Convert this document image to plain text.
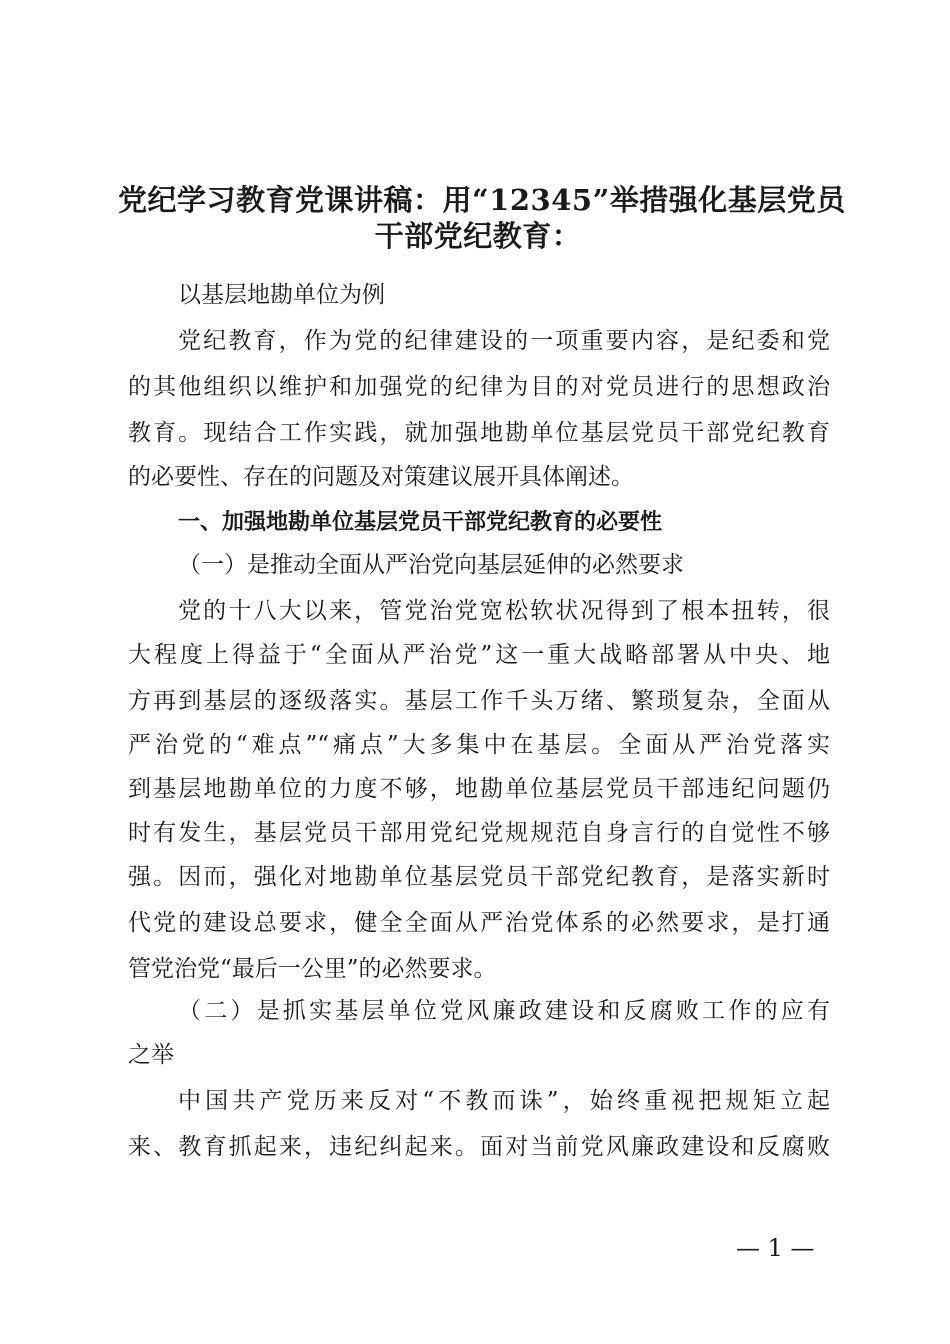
党纪学习教育党课讲稿：用“12345”举措强化基层党员
干部党纪教育：
以基层地勘单位为例
党纪教育，作为党的纪律建设的一项重要内容，是纪委和党
的其他组织以维护和加强党的纪律为目的对党员进行的思想政治
教育。现结合工作实践，就加强地勘单位基层党员干部党纪教育
的必要性、存在的问题及对策建议展开具体阐述。
一、加强地勘单位基层党员干部党纪教育的必要性
（一）是推动全面从严治党向基层延伸的必然要求
党的十八大以来，管党治党宽松软状况得到了根本扭转，很
大程度上得益于“全面从严治党”这一重大战略部署从中央、地
方再到基层的逐级落实。基层工作千头万绪、繁琐复杂，全面从
严治党的“难点”“痛点”大多集中在基层。全面从严治党落实
到基层地勘单位的力度不够，地勘单位基层党员干部违纪问题仍
时有发生，基层党员干部用党纪党规规范自身言行的自觉性不够
强。因而，强化对地勘单位基层党员干部党纪教育，是落实新时
代党的建设总要求，健全全面从严治党体系的必然要求，是打通
管党治党“最后一公里”的必然要求。
（二）是抓实基层单位党风廉政建设和反腐败工作的应有
之举
中国共产党历来反对“不教而诛”，始终重视把规矩立起
来、教育抓起来，违纪纠起来。面对当前党风廉政建设和反腐败
— 1 —
